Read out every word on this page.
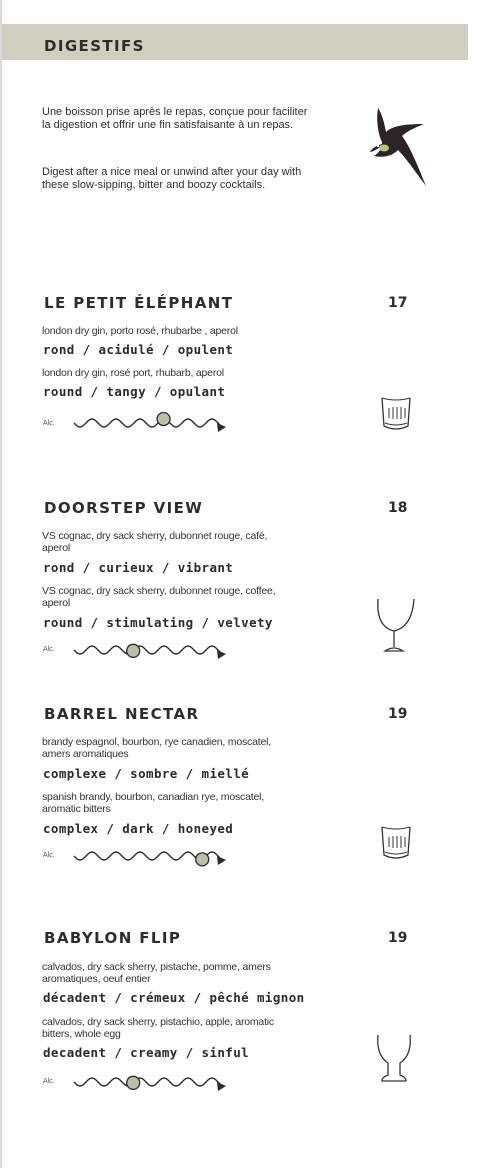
DIGESTIFS

Une boisson prise après le repas, conçue pour faciliter la digestion et offrir une fin satisfaisante à un repas.

Digest after a nice meal or unwind after your day with these slow-sipping, bitter and boozy cocktails.

LE PETIT ÉLÉPHANT	17
london dry gin, porto rosé, rhubarbe , aperol
rond / acidulé / opulent
london dry gin, rosé port, rhubarb, aperol
round / tangy / opulant
Alc.
DOORSTEP VIEW	18
VS cognac, dry sack sherry, dubonnet rouge, café, aperol
rond / curieux / vibrant
VS cognac, dry sack sherry, dubonnet rouge, coffee, aperol
round / stimulating / velvety
Alc.
BARREL NECTAR	19
brandy espagnol, bourbon, rye canadien, moscatel, amers aromatiques
complexe / sombre / miellé
spanish brandy, bourbon, canadian rye, moscatel, aromatic bitters
complex / dark / honeyed
Alc.
BABYLON FLIP	19
calvados, dry sack sherry, pistache, pomme, amers aromatiques, oeuf entier
décadent / crémeux / pêché mignon
calvados, dry sack sherry, pistachio, apple, aromatic bitters, whole egg
decadent / creamy / sinful
Alc.
